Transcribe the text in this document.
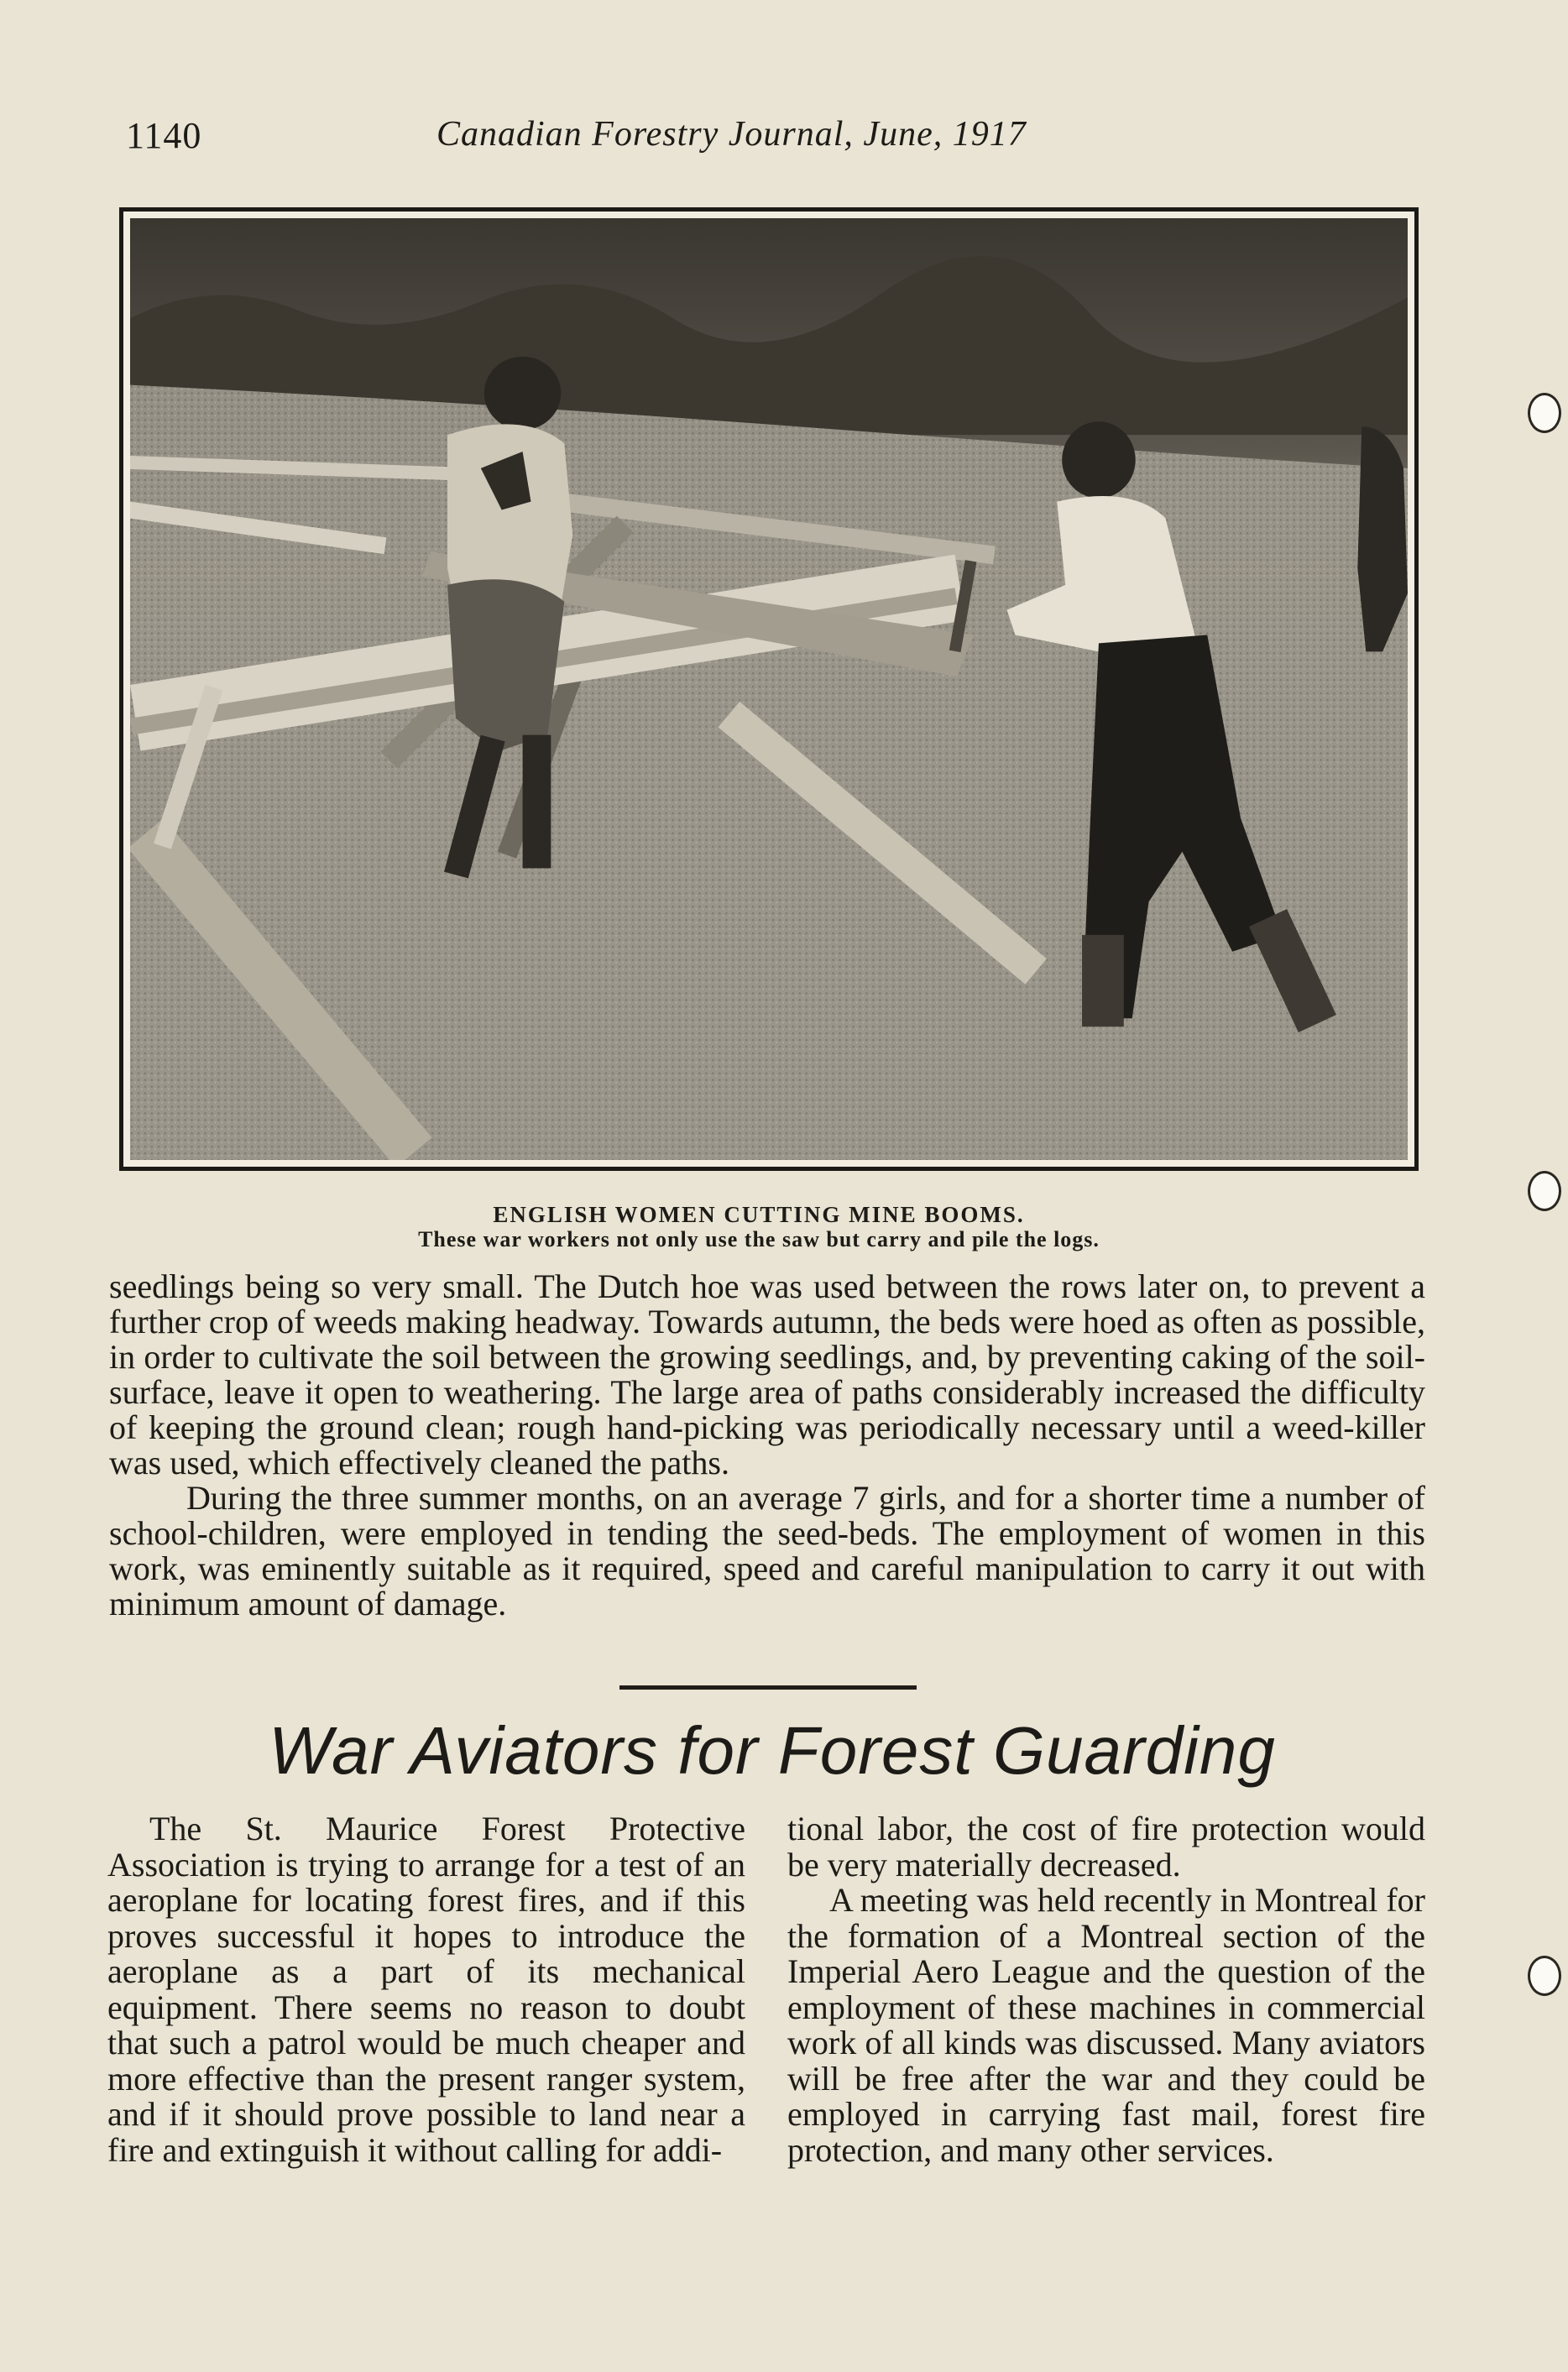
1140	Canadian Forestry Journal, June, 1917
ENGLISH WOMEN CUTTING MINE BOOMS.
These war workers not only use the saw but carry and pile the logs.

seedlings being so very small. The Dutch hoe was used between the rows later on, to prevent a further crop of weeds making headway. Towards autumn, the beds were hoed as often as possible, in order to cultivate the soil between the growing seedlings, and, by preventing caking of the soil-surface, leave it open to weathering. The large area of paths considerably increased the difficulty of keeping the ground clean; rough hand-picking was periodically necessary until a weed-killer was used, which effectively cleaned the paths.

During the three summer months, on an average 7 girls, and for a shorter time a number of school-children, were employed in tending the seed-beds. The employment of women in this work, was eminently suitable as it required, speed and careful manipulation to carry it out with minimum amount of damage.

War Aviators for Forest Guarding

The St. Maurice Forest Protective Association is trying to arrange for a test of an aeroplane for locating forest fires, and if this proves successful it hopes to introduce the aeroplane as a part of its mechanical equipment. There seems no reason to doubt that such a patrol would be much cheaper and more effective than the present ranger system, and if it should prove possible to land near a fire and extinguish it without calling for addi-

tional labor, the cost of fire protection would be very materially decreased.

A meeting was held recently in Montreal for the formation of a Montreal section of the Imperial Aero League and the question of the employment of these machines in commercial work of all kinds was discussed. Many aviators will be free after the war and they could be employed in carrying fast mail, forest fire protection, and many other services.
